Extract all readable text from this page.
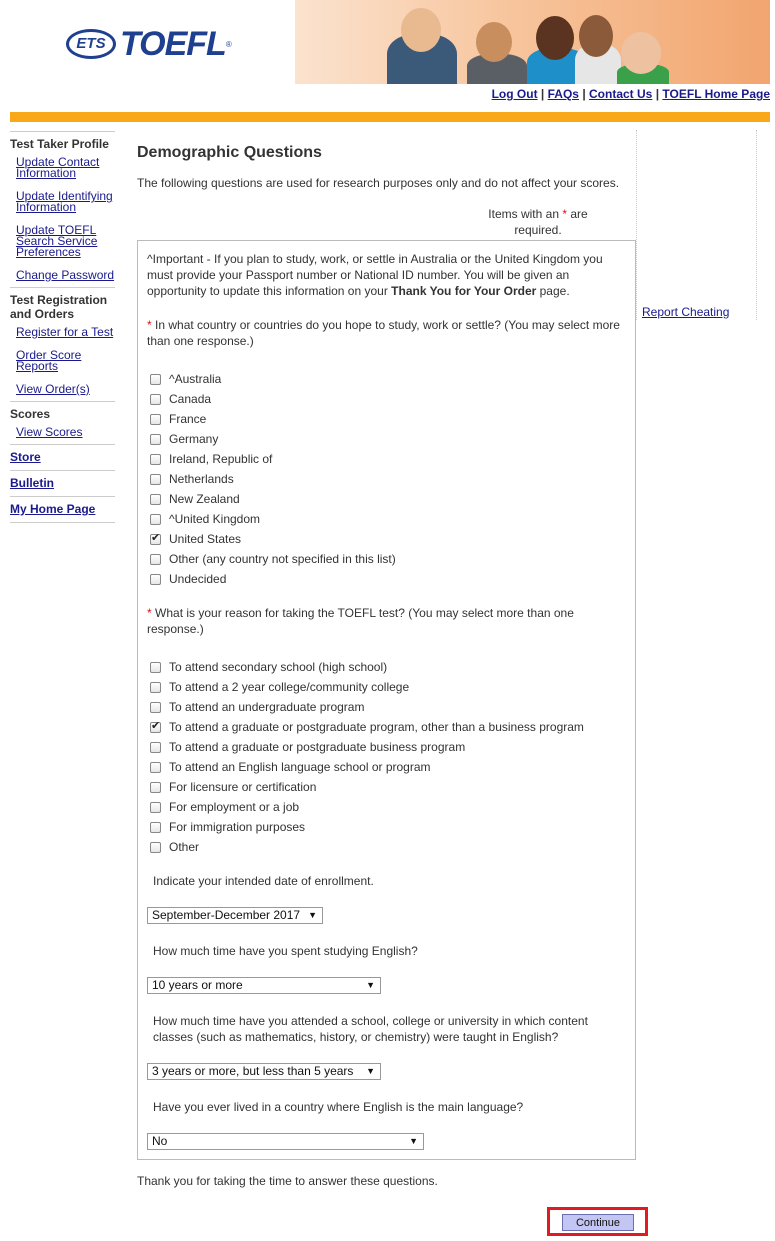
ETS TOEFL ®
Log Out | FAQs | Contact Us | TOEFL Home Page
Test Taker Profile
Update Contact Information
Update Identifying Information
Update TOEFL Search Service Preferences
Change Password
Test Registration and Orders
Register for a Test
Order Score Reports
View Order(s)
Scores
View Scores
Store
Bulletin
My Home Page
Demographic Questions
The following questions are used for research purposes only and do not affect your scores.
Items with an * are required.
Report Cheating
^Important - If you plan to study, work, or settle in Australia or the United Kingdom you must provide your Passport number or National ID number. You will be given an opportunity to update this information on your Thank You for Your Order page.
* In what country or countries do you hope to study, work or settle? (You may select more than one response.)
^Australia
Canada
France
Germany
Ireland, Republic of
Netherlands
New Zealand
^United Kingdom
✔
United States
Other (any country not specified in this list)
Undecided
* What is your reason for taking the TOEFL test? (You may select more than one response.)
To attend secondary school (high school)
To attend a 2 year college/community college
To attend an undergraduate program
✔
To attend a graduate or postgraduate program, other than a business program
To attend a graduate or postgraduate business program
To attend an English language school or program
For licensure or certification
For employment or a job
For immigration purposes
Other
Indicate your intended date of enrollment.
September-December 2017 ▼
How much time have you spent studying English?
10 years or more	▼
How much time have you attended a school, college or university in which content classes (such as mathematics, history, or chemistry) were taught in English?
3 years or more, but less than 5 years ▼
Have you ever lived in a country where English is the main language?
No	▼
Thank you for taking the time to answer these questions.
Continue
